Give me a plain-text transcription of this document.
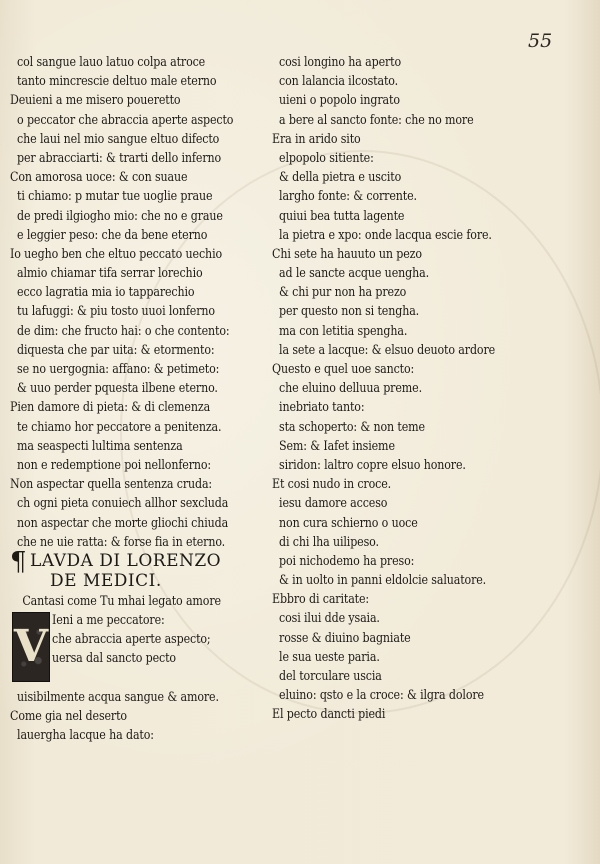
55
col sangue lauo latuo colpa atroce
tanto mincrescie deltuo male eterno
Deuieni a me misero poueretto
o peccator che abraccia aperte aspecto
che laui nel mio sangue eltuo difecto
per abracciarti: & trarti dello inferno
Con amorosa uoce: & con suaue
ti chiamo: p mutar tue uoglie praue
de predi ilgiogho mio: che no e graue
e leggier peso: che da bene eterno
Io uegho ben che eltuo peccato uechio
almio chiamar tifa serrar lorechio
ecco lagratia mia io tapparechio
tu lafuggi: & piu tosto uuoi lonferno
de dim: che fructo hai: o che contento:
diquesta che par uita: & etormento:
se no uergognia: affano: & petimeto:
& uuo perder pquesta ilbene eterno.
Pien damore di pieta: & di clemenza
te chiamo hor peccatore a penitenza.
ma seaspecti lultima sentenza
non e redemptione poi nellonferno:
Non aspectar quella sentenza cruda:
ch ogni pieta conuiech allhor sexcluda
non aspectar che morte gliochi chiuda
che ne uie ratta: & forse fia in eterno.
¶ LAVDA DI LORENZO
DE MEDICI.
Cantasi come Tu mhai legato amore
V
Ieni a me peccatore:
che abraccia aperte aspecto;
uersa dal sancto pecto
uisibilmente acqua sangue & amore.
Come gia nel deserto
lauergha lacque ha dato:
cosi longino ha aperto
con lalancia ilcostato.
uieni o popolo ingrato
a bere al sancto fonte: che no more
Era in arido sito
elpopolo sitiente:
& della pietra e uscito
largho fonte: & corrente.
quiui bea tutta lagente
la pietra e xpo: onde lacqua escie fore.
Chi sete ha hauuto un pezo
ad le sancte acque uengha.
& chi pur non ha prezo
per questo non si tengha.
ma con letitia spengha.
la sete a lacque: & elsuo deuoto ardore
Questo e quel uoe sancto:
che eluino delluua preme.
inebriato tanto:
sta schoperto: & non teme
Sem: & Iafet insieme
siridon: laltro copre elsuo honore.
Et cosi nudo in croce.
iesu damore acceso
non cura schierno o uoce
di chi lha uilipeso.
poi nichodemo ha preso:
& in uolto in panni eldolcie saluatore.
Ebbro di caritate:
cosi ilui dde ysaia.
rosse & diuino bagniate
le sua ueste paria.
del torculare uscia
eluino: qsto e la croce: & ilgra dolore
El pecto dancti piedi
